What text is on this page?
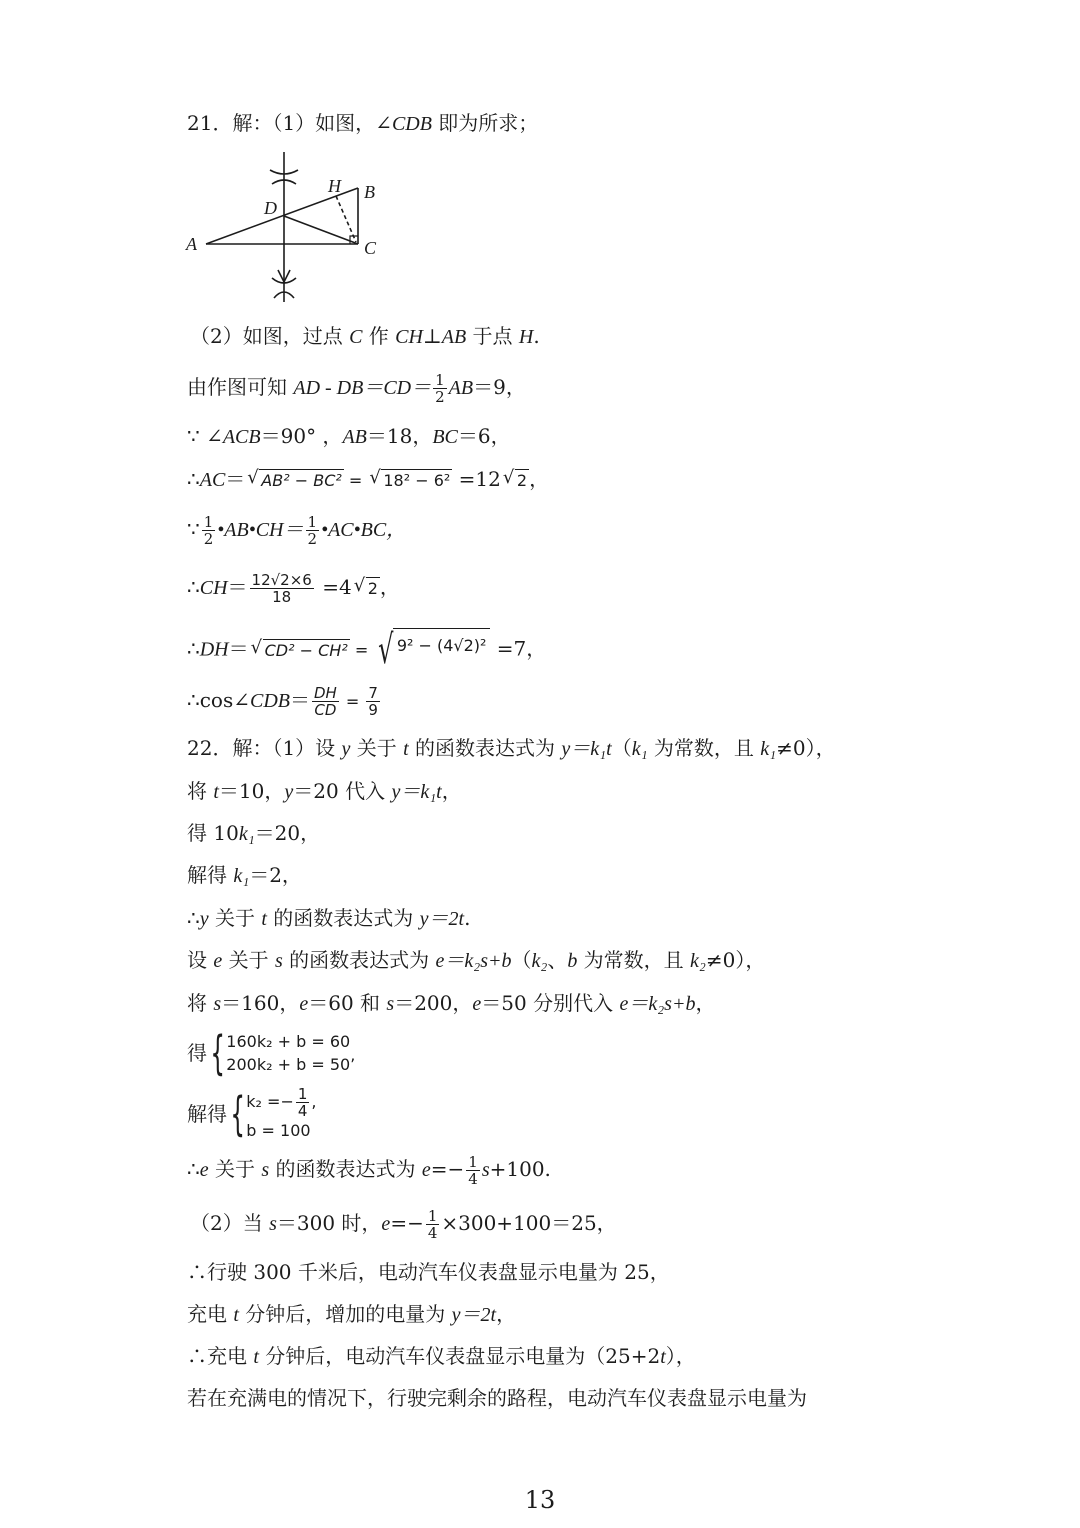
21．解：（1）如图，∠CDB 即为所求；
A
B
C
D
H
（2）如图，过点 C 作 CH⊥AB 于点 H.
由作图可知 AD - $DB=CD= \frac{1}{2} AB=9$，
∵ ∠ACB＝90° ，AB＝18，BC＝6，
∴AC＝√ AB² − BC² = √ 18² − 6² =12√ 2 ，
∵ $\frac{1}{2}$ •AB•CH＝ $\frac{1}{2}$ •AC•BC，
∴CH＝ $\frac{12√2\times 6}{18} =4√$ 2 ，
∴DH＝√ CD² − CH² = √ 9² − (4√2)² =7，
∴cos∠CDB＝ $\frac{DH}{CD} = \frac{7}{9}$
22．解：（1）设 y 关于 t 的函数表达式为 y＝k₁t（k₁ 为常数，且 k₁≠0），
将 t＝10，y＝20 代入 y＝k₁t，
得 10k₁＝20，
解得 k₁＝2，
∴y 关于 t 的函数表达式为 y＝2t.
设 e 关于 s 的函数表达式为 e＝k₂s+b（k₂、b 为常数，且 k₂≠0），
将 s＝160，e＝60 和 s＝200，e＝50 分别代入 e＝k₂s+b，
得 { 160k₂ + b = 60
200k₂ + b = 50’
解得 { $k_2 =- \frac{1}{4}$ ,
b = 100
∴e 关于 s 的函数表达式为 $e=- \frac{1}{4} s+100$.
（2）当 s＝300 时，$e=- \frac{1}{4} \times 300+100=25$，
∴行驶 300 千米后，电动汽车仪表盘显示电量为 25，
充电 t 分钟后，增加的电量为 y＝2t，
∴充电 t 分钟后，电动汽车仪表盘显示电量为（25+2t），
若在充满电的情况下，行驶完剩余的路程，电动汽车仪表盘显示电量为
13
